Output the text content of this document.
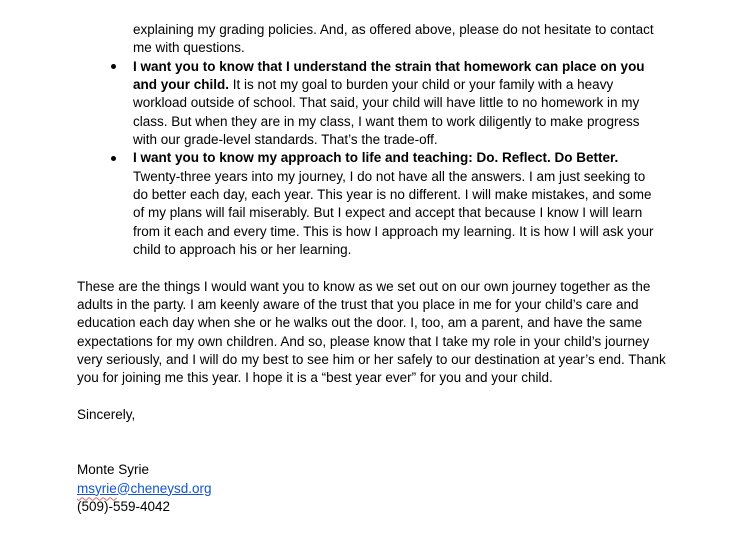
explaining my grading policies. And, as offered above, please do not hesitate to contact me with questions.
I want you to know that I understand the strain that homework can place on you and your child. It is not my goal to burden your child or your family with a heavy workload outside of school. That said, your child will have little to no homework in my class. But when they are in my class, I want them to work diligently to make progress with our grade-level standards. That’s the trade-off.
I want you to know my approach to life and teaching: Do. Reflect. Do Better. Twenty-three years into my journey, I do not have all the answers. I am just seeking to do better each day, each year. This year is no different. I will make mistakes, and some of my plans will fail miserably. But I expect and accept that because I know I will learn from it each and every time. This is how I approach my learning. It is how I will ask your child to approach his or her learning.
These are the things I would want you to know as we set out on our own journey together as the adults in the party. I am keenly aware of the trust that you place in me for your child’s care and education each day when she or he walks out the door. I, too, am a parent, and have the same expectations for my own children. And so, please know that I take my role in your child’s journey very seriously, and I will do my best to see him or her safely to our destination at year’s end. Thank you for joining me this year. I hope it is a “best year ever” for you and your child.
Sincerely,
Monte Syrie
msyrie@cheneysd.org
(509)-559-4042
